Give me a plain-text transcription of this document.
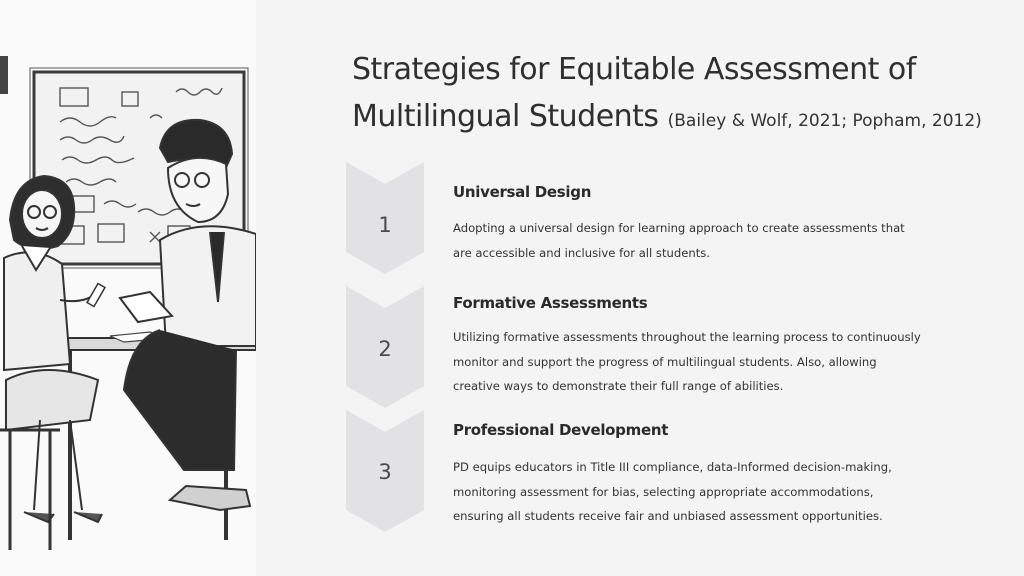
Strategies for Equitable Assessment of Multilingual Students (Bailey & Wolf, 2021; Popham, 2012)
1
Universal Design
Adopting a universal design for learning approach to create assessments that are accessible and inclusive for all students.
2
Formative Assessments
Utilizing formative assessments throughout the learning process to continuously monitor and support the progress of multilingual students. Also, allowing creative ways to demonstrate their full range of abilities.
3
Professional Development
PD equips educators in Title III compliance, data-Informed decision-making, monitoring assessment for bias, selecting appropriate accommodations, ensuring all students receive fair and unbiased assessment opportunities.
